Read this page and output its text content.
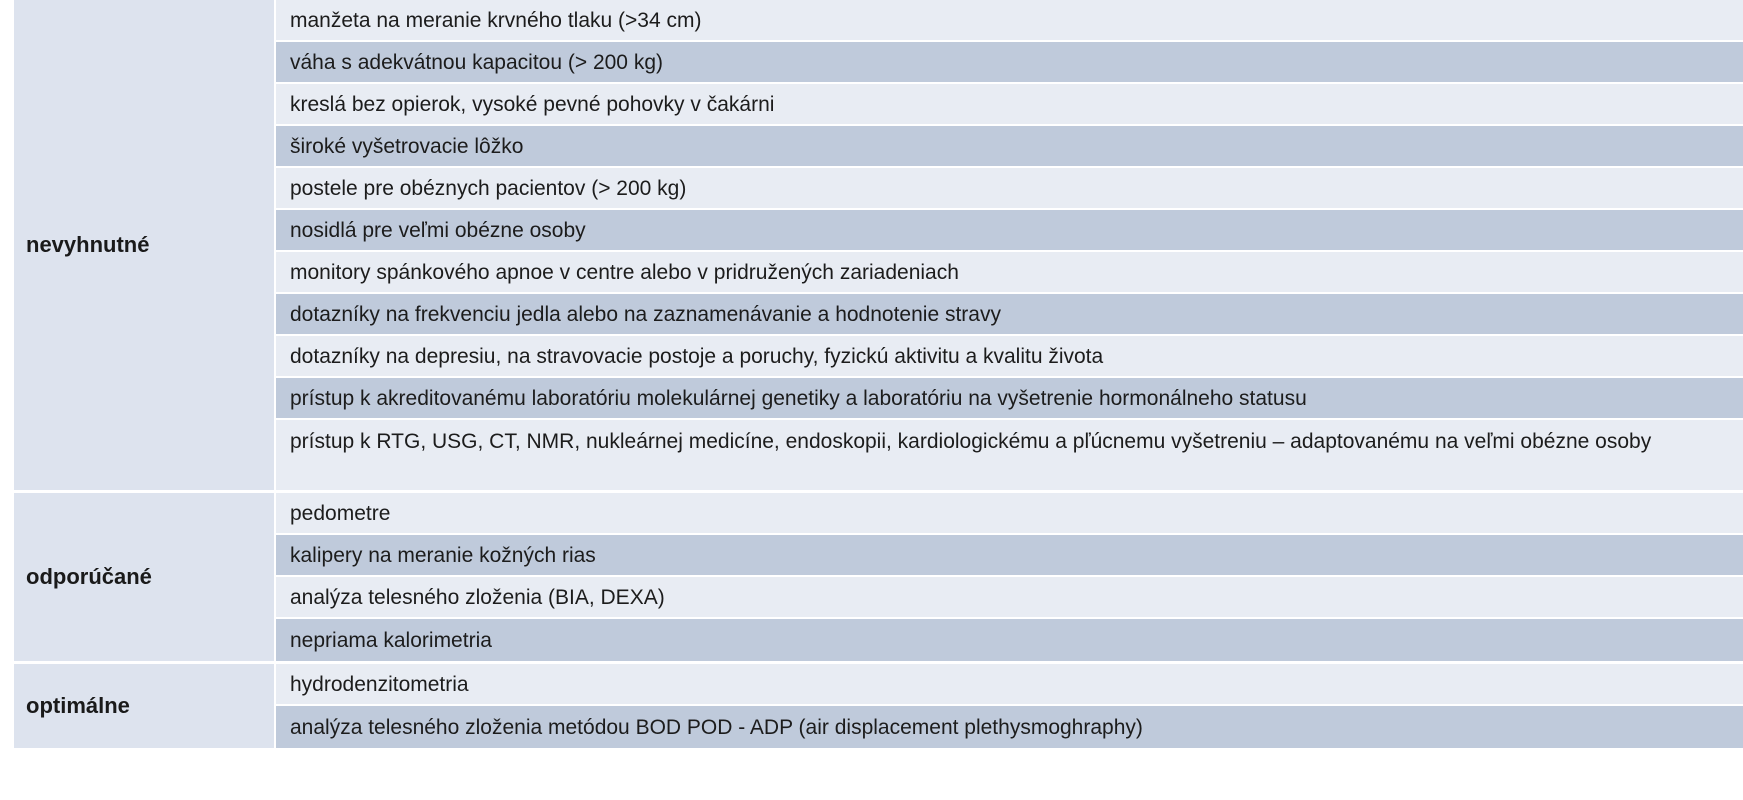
nevyhnutné
manžeta na meranie krvného tlaku (>34 cm)
váha s adekvátnou kapacitou (> 200 kg)
kreslá bez opierok, vysoké pevné pohovky v čakárni
široké vyšetrovacie lôžko
postele pre obéznych pacientov (> 200 kg)
nosidlá pre veľmi obézne osoby
monitory spánkového apnoe v centre alebo v pridružených zariadeniach
dotazníky na frekvenciu jedla alebo na zaznamenávanie a hodnotenie stravy
dotazníky na depresiu, na stravovacie postoje a poruchy, fyzickú aktivitu a kvalitu života
prístup k akreditovanému laboratóriu molekulárnej genetiky a laboratóriu na vyšetrenie hormonálneho statusu
prístup k RTG, USG, CT, NMR, nukleárnej medicíne, endoskopii, kardiologickému a pľúcnemu vyšetreniu – adaptovanému na veľmi obézne osoby
odporúčané
pedometre
kalipery na meranie kožných rias
analýza telesného zloženia (BIA, DEXA)
nepriama kalorimetria
optimálne
hydrodenzitometria
analýza telesného zloženia metódou BOD POD - ADP (air displacement plethysmoghraphy)
